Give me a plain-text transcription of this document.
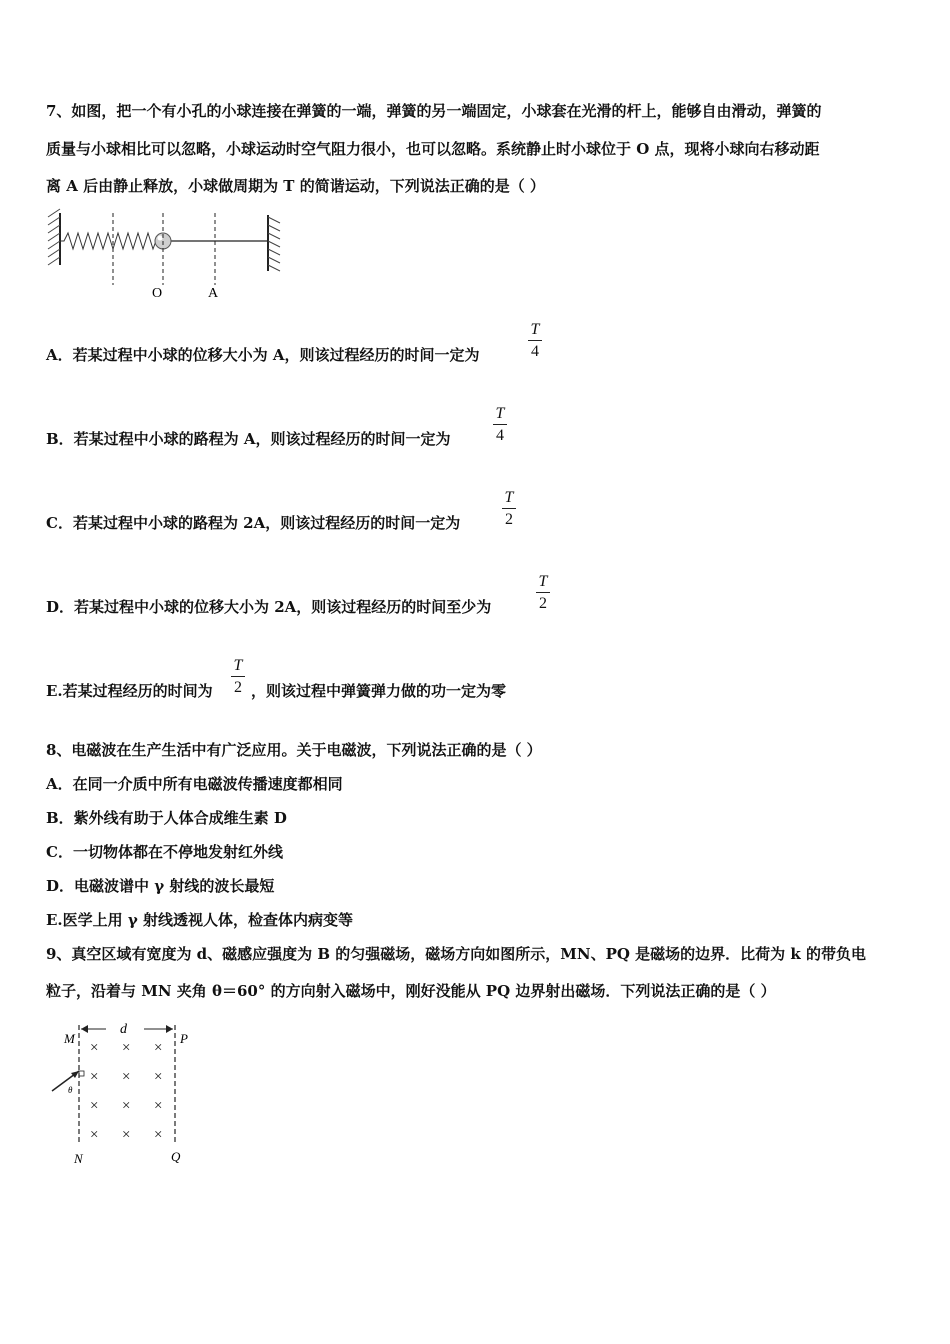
7、如图，把一个有小孔的小球连接在弹簧的一端，弹簧的另一端固定，小球套在光滑的杆上，能够自由滑动，弹簧的
质量与小球相比可以忽略，小球运动时空气阻力很小，也可以忽略。系统静止时小球位于 O 点，现将小球向右移动距
离 A 后由静止释放，小球做周期为 T 的简谐运动，下列说法正确的是（ ）
O	A
A．若某过程中小球的位移大小为 A，则该过程经历的时间一定为
T
4
B．若某过程中小球的路程为 A，则该过程经历的时间一定为
T
4
C．若某过程中小球的路程为 2A，则该过程经历的时间一定为
T
2
D．若某过程中小球的位移大小为 2A，则该过程经历的时间至少为
T
2
E.若某过程经历的时间为
T
2 ，则该过程中弹簧弹力做的功一定为零
8、电磁波在生产生活中有广泛应用。关于电磁波，下列说法正确的是（ ）
A．在同一介质中所有电磁波传播速度都相同
B．紫外线有助于人体合成维生素 D
C．一切物体都在不停地发射红外线
D．电磁波谱中 γ 射线的波长最短
E.医学上用 γ 射线透视人体，检查体内病变等
9、真空区域有宽度为 d、磁感应强度为 B 的匀强磁场，磁场方向如图所示，MN、PQ 是磁场的边界．比荷为 k 的带负电
粒子，沿着与 MN 夹角 θ＝60° 的方向射入磁场中，刚好没能从 PQ 边界射出磁场．下列说法正确的是（ ）
d
M	P
N	Q
θ
× × ×
× × ×
× × ×
× × ×
